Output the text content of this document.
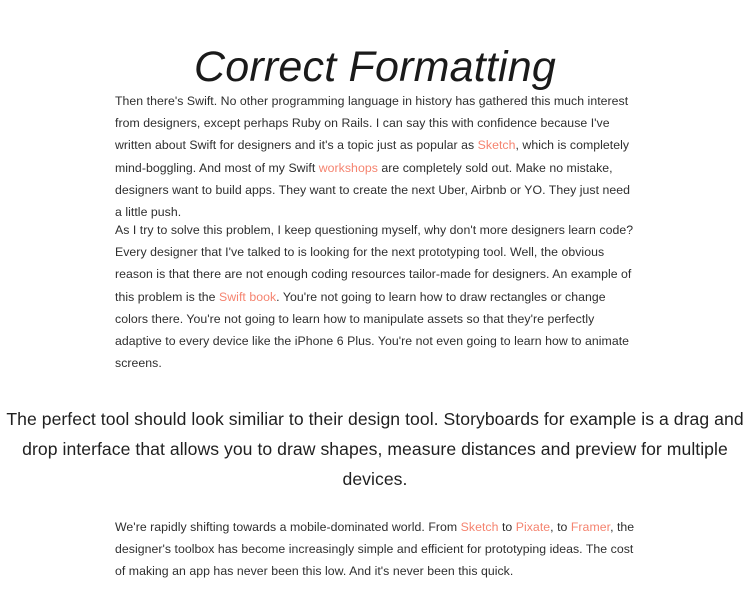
Correct Formatting

Then there's Swift. No other programming language in history has gathered this much interest from designers, except perhaps Ruby on Rails. I can say this with confidence because I've written about Swift for designers and it's a topic just as popular as Sketch, which is completely mind-boggling. And most of my Swift workshops are completely sold out. Make no mistake, designers want to build apps. They want to create the next Uber, Airbnb or YO. They just need a little push.

As I try to solve this problem, I keep questioning myself, why don't more designers learn code? Every designer that I've talked to is looking for the next prototyping tool. Well, the obvious reason is that there are not enough coding resources tailor-made for designers. An example of this problem is the Swift book. You're not going to learn how to draw rectangles or change colors there. You're not going to learn how to manipulate assets so that they're perfectly adaptive to every device like the iPhone 6 Plus. You're not even going to learn how to animate screens.

The perfect tool should look similiar to their design tool. Storyboards for example is a drag and drop interface that allows you to draw shapes, measure distances and preview for multiple devices.

We're rapidly shifting towards a mobile-dominated world. From Sketch to Pixate, to Framer, the designer's toolbox has become increasingly simple and efficient for prototyping ideas. The cost of making an app has never been this low. And it's never been this quick.
